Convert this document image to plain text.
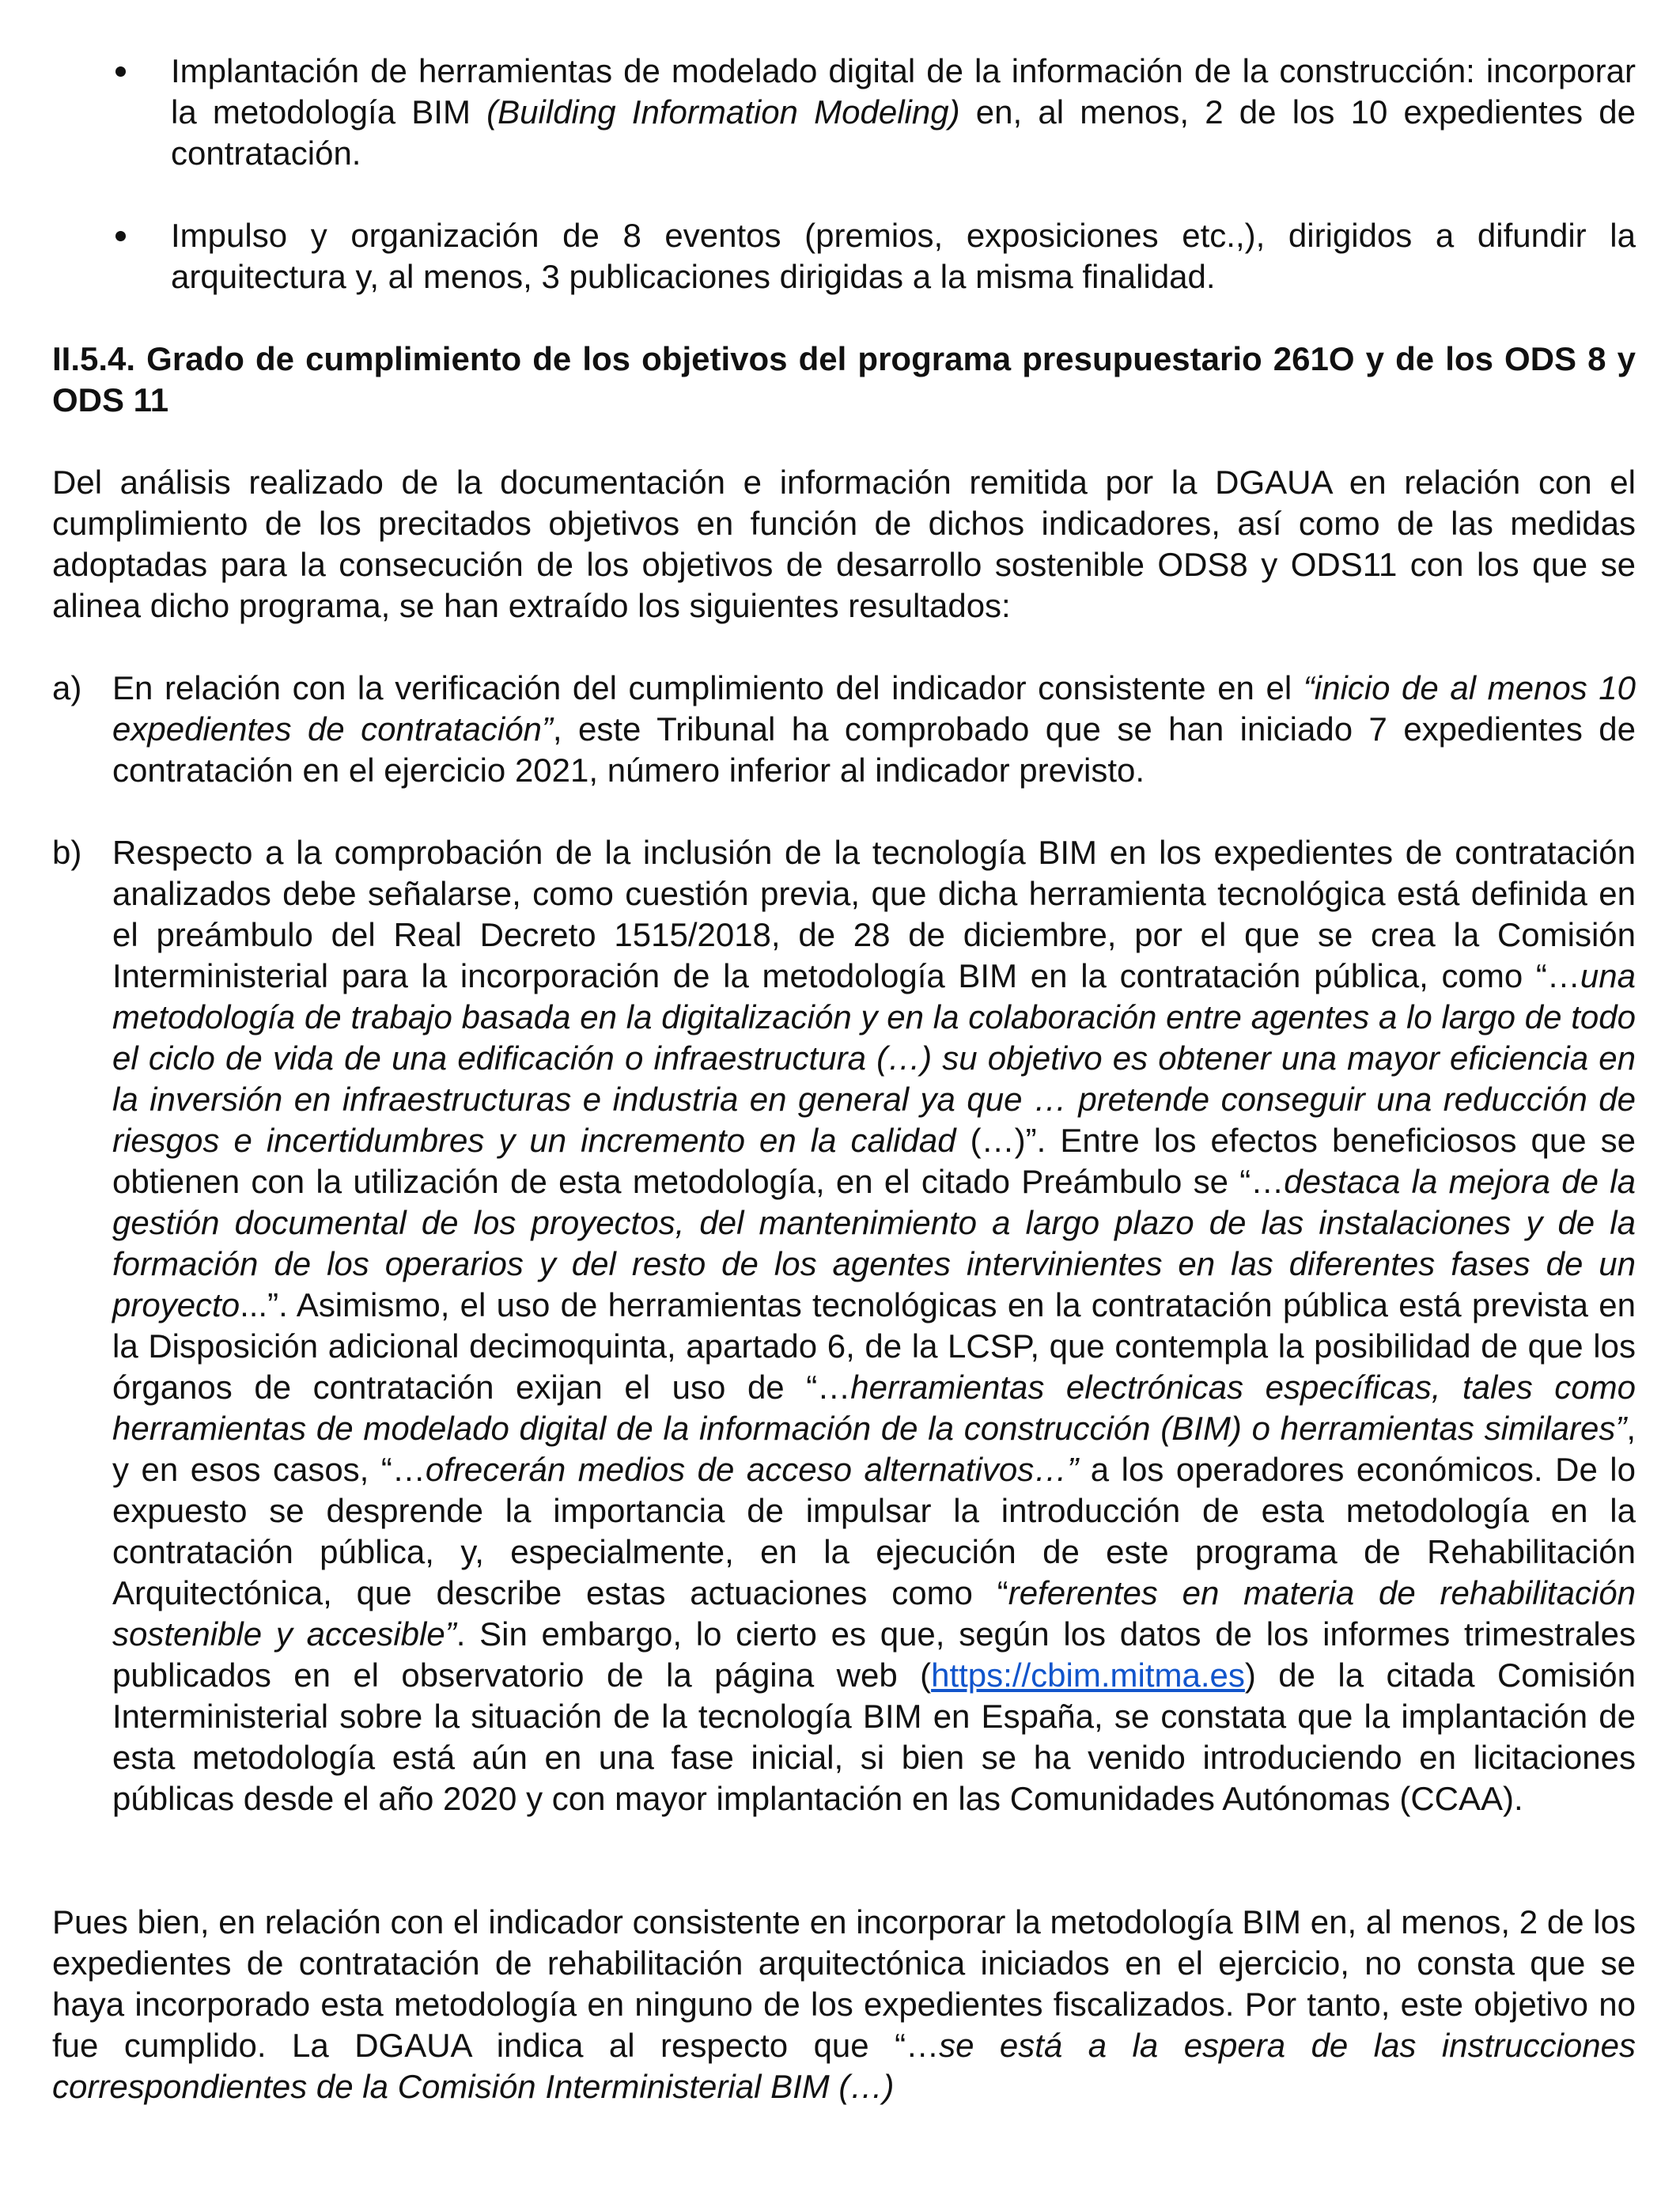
Implantación de herramientas de modelado digital de la información de la construcción: incorporar la metodología BIM (Building Information Modeling) en, al menos, 2 de los 10 expedientes de contratación.
Impulso y organización de 8 eventos (premios, exposiciones etc.,), dirigidos a difundir la arquitectura y, al menos, 3 publicaciones dirigidas a la misma finalidad.
II.5.4. Grado de cumplimiento de los objetivos del programa presupuestario 261O y de los ODS 8 y ODS 11

Del análisis realizado de la documentación e información remitida por la DGAUA en relación con el cumplimiento de los precitados objetivos en función de dichos indicadores, así como de las medidas adoptadas para la consecución de los objetivos de desarrollo sostenible ODS8 y ODS11 con los que se alinea dicho programa, se han extraído los siguientes resultados:

a) En relación con la verificación del cumplimiento del indicador consistente en el “inicio de al menos 10 expedientes de contratación”, este Tribunal ha comprobado que se han iniciado 7 expedientes de contratación en el ejercicio 2021, número inferior al indicador previsto.
b) Respecto a la comprobación de la inclusión de la tecnología BIM en los expedientes de contratación analizados debe señalarse, como cuestión previa, que dicha herramienta tecnológica está definida en el preámbulo del Real Decreto 1515/2018, de 28 de diciembre, por el que se crea la Comisión Interministerial para la incorporación de la metodología BIM en la contratación pública, como “…una metodología de trabajo basada en la digitalización y en la colaboración entre agentes a lo largo de todo el ciclo de vida de una edificación o infraestructura (…) su objetivo es obtener una mayor eficiencia en la inversión en infraestructuras e industria en general ya que … pretende conseguir una reducción de riesgos e incertidumbres y un incremento en la calidad (…)”. Entre los efectos beneficiosos que se obtienen con la utilización de esta metodología, en el citado Preámbulo se “…destaca la mejora de la gestión documental de los proyectos, del mantenimiento a largo plazo de las instalaciones y de la formación de los operarios y del resto de los agentes intervinientes en las diferentes fases de un proyecto...”. Asimismo, el uso de herramientas tecnológicas en la contratación pública está prevista en la Disposición adicional decimoquinta, apartado 6, de la LCSP, que contempla la posibilidad de que los órganos de contratación exijan el uso de “…herramientas electrónicas específicas, tales como herramientas de modelado digital de la información de la construcción (BIM) o herramientas similares”, y en esos casos, “…ofrecerán medios de acceso alternativos…” a los operadores económicos. De lo expuesto se desprende la importancia de impulsar la introducción de esta metodología en la contratación pública, y, especialmente, en la ejecución de este programa de Rehabilitación Arquitectónica, que describe estas actuaciones como “referentes en materia de rehabilitación sostenible y accesible”. Sin embargo, lo cierto es que, según los datos de los informes trimestrales publicados en el observatorio de la página web (https://cbim.mitma.es) de la citada Comisión Interministerial sobre la situación de la tecnología BIM en España, se constata que la implantación de esta metodología está aún en una fase inicial, si bien se ha venido introduciendo en licitaciones públicas desde el año 2020 y con mayor implantación en las Comunidades Autónomas (CCAA).

Pues bien, en relación con el indicador consistente en incorporar la metodología BIM en, al menos, 2 de los expedientes de contratación de rehabilitación arquitectónica iniciados en el ejercicio, no consta que se haya incorporado esta metodología en ninguno de los expedientes fiscalizados. Por tanto, este objetivo no fue cumplido. La DGAUA indica al respecto que “…se está a la espera de las instrucciones correspondientes de la Comisión Interministerial BIM (…)
